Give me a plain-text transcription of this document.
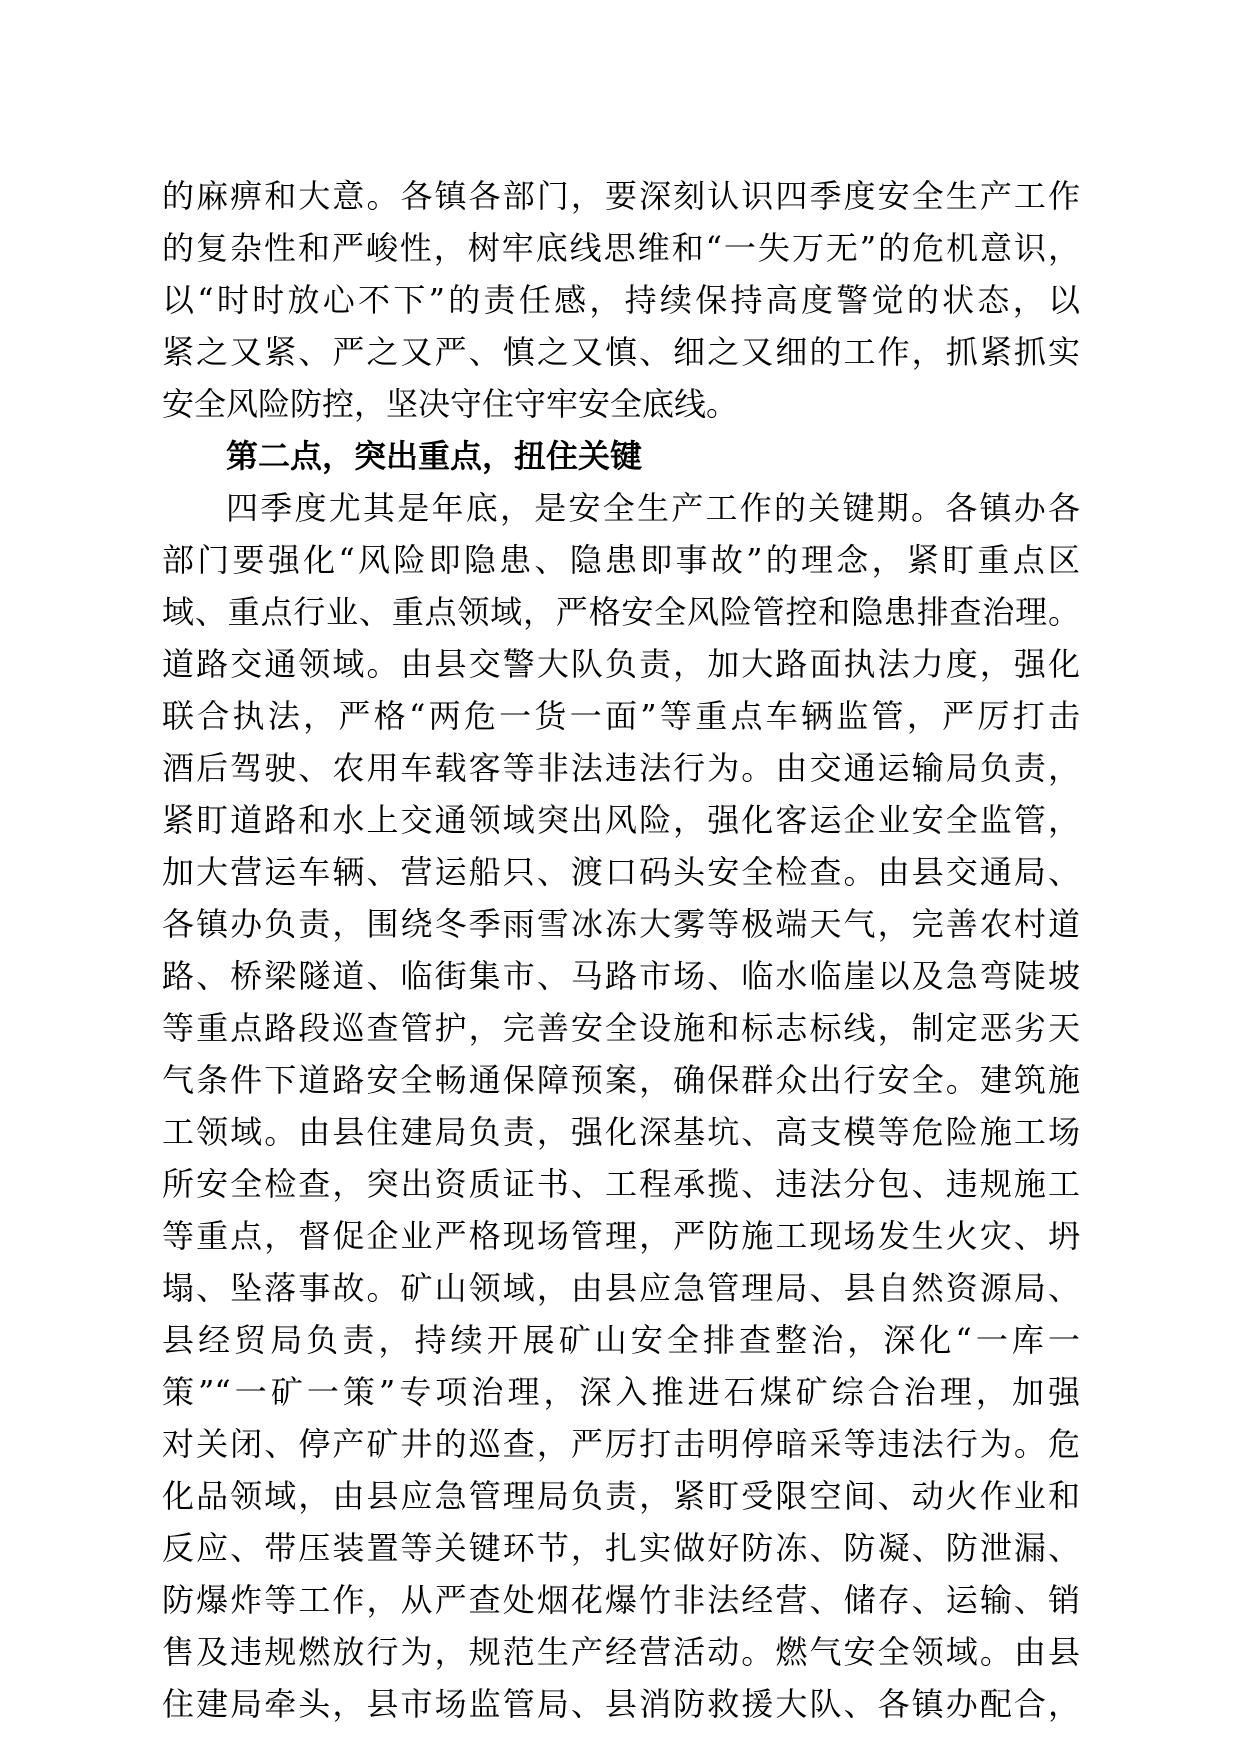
的麻痹和大意。各镇各部门，要深刻认识四季度安全生产工作
的复杂性和严峻性，树牢底线思维和“一失万无”的危机意识，
以“时时放心不下”的责任感，持续保持高度警觉的状态，以
紧之又紧、严之又严、慎之又慎、细之又细的工作，抓紧抓实
安全风险防控，坚决守住守牢安全底线。
第二点，突出重点，扭住关键
四季度尤其是年底，是安全生产工作的关键期。各镇办各
部门要强化“风险即隐患、隐患即事故”的理念，紧盯重点区
域、重点行业、重点领域，严格安全风险管控和隐患排查治理。
道路交通领域。由县交警大队负责，加大路面执法力度，强化
联合执法，严格“两危一货一面”等重点车辆监管，严厉打击
酒后驾驶、农用车载客等非法违法行为。由交通运输局负责，
紧盯道路和水上交通领域突出风险，强化客运企业安全监管，
加大营运车辆、营运船只、渡口码头安全检查。由县交通局、
各镇办负责，围绕冬季雨雪冰冻大雾等极端天气，完善农村道
路、桥梁隧道、临街集市、马路市场、临水临崖以及急弯陡坡
等重点路段巡查管护，完善安全设施和标志标线，制定恶劣天
气条件下道路安全畅通保障预案，确保群众出行安全。建筑施
工领域。由县住建局负责，强化深基坑、高支模等危险施工场
所安全检查，突出资质证书、工程承揽、违法分包、违规施工
等重点，督促企业严格现场管理，严防施工现场发生火灾、坍
塌、坠落事故。矿山领域，由县应急管理局、县自然资源局、
县经贸局负责，持续开展矿山安全排查整治，深化“一库一
策”“一矿一策”专项治理，深入推进石煤矿综合治理，加强
对关闭、停产矿井的巡查，严厉打击明停暗采等违法行为。危
化品领域，由县应急管理局负责，紧盯受限空间、动火作业和
反应、带压装置等关键环节，扎实做好防冻、防凝、防泄漏、
防爆炸等工作，从严查处烟花爆竹非法经营、储存、运输、销
售及违规燃放行为，规范生产经营活动。燃气安全领域。由县
住建局牵头，县市场监管局、县消防救援大队、各镇办配合，
